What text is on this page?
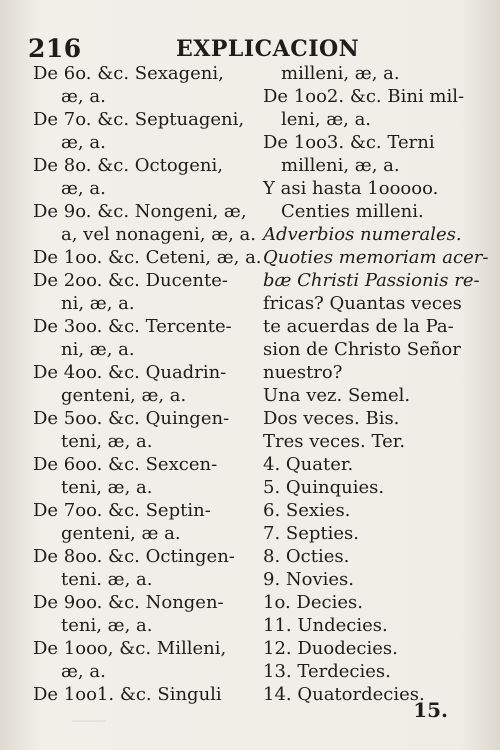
216	EXPLICACION
De 6o. &c. Sexageni,
æ, a.
De 7o. &c. Septuageni,
æ, a.
De 8o. &c. Octogeni,
æ, a.
De 9o. &c. Nongeni, æ,
a, vel nonageni, æ, a.
De 1oo. &c. Ceteni, æ, a.
De 2oo. &c. Ducente-
ni, æ, a.
De 3oo. &c. Tercente-
ni, æ, a.
De 4oo. &c. Quadrin-
genteni, æ, a.
De 5oo. &c. Quingen-
teni, æ, a.
De 6oo. &c. Sexcen-
teni, æ, a.
De 7oo. &c. Septin-
genteni, æ a.
De 8oo. &c. Octingen-
teni. æ, a.
De 9oo. &c. Nongen-
teni, æ, a.
De 1ooo, &c. Milleni,
æ, a.
De 1oo1. &c. Singuli
milleni, æ, a.
De 1oo2. &c. Bini mil-
leni, æ, a.
De 1oo3. &c. Terni
milleni, æ, a.
Y asi hasta 1ooooo.
Centies milleni.
Adverbios numerales.
Quoties memoriam acer-
bæ Christi Passionis re-
fricas? Quantas veces
te acuerdas de la Pa-
sion de Christo Señor
nuestro?
Una vez. Semel.
Dos veces. Bis.
Tres veces. Ter.
4. Quater.
5. Quinquies.
6. Sexies.
7. Septies.
8. Octies.
9. Novies.
1o. Decies.
11. Undecies.
12. Duodecies.
13. Terdecies.
14. Quatordecies.
15.
